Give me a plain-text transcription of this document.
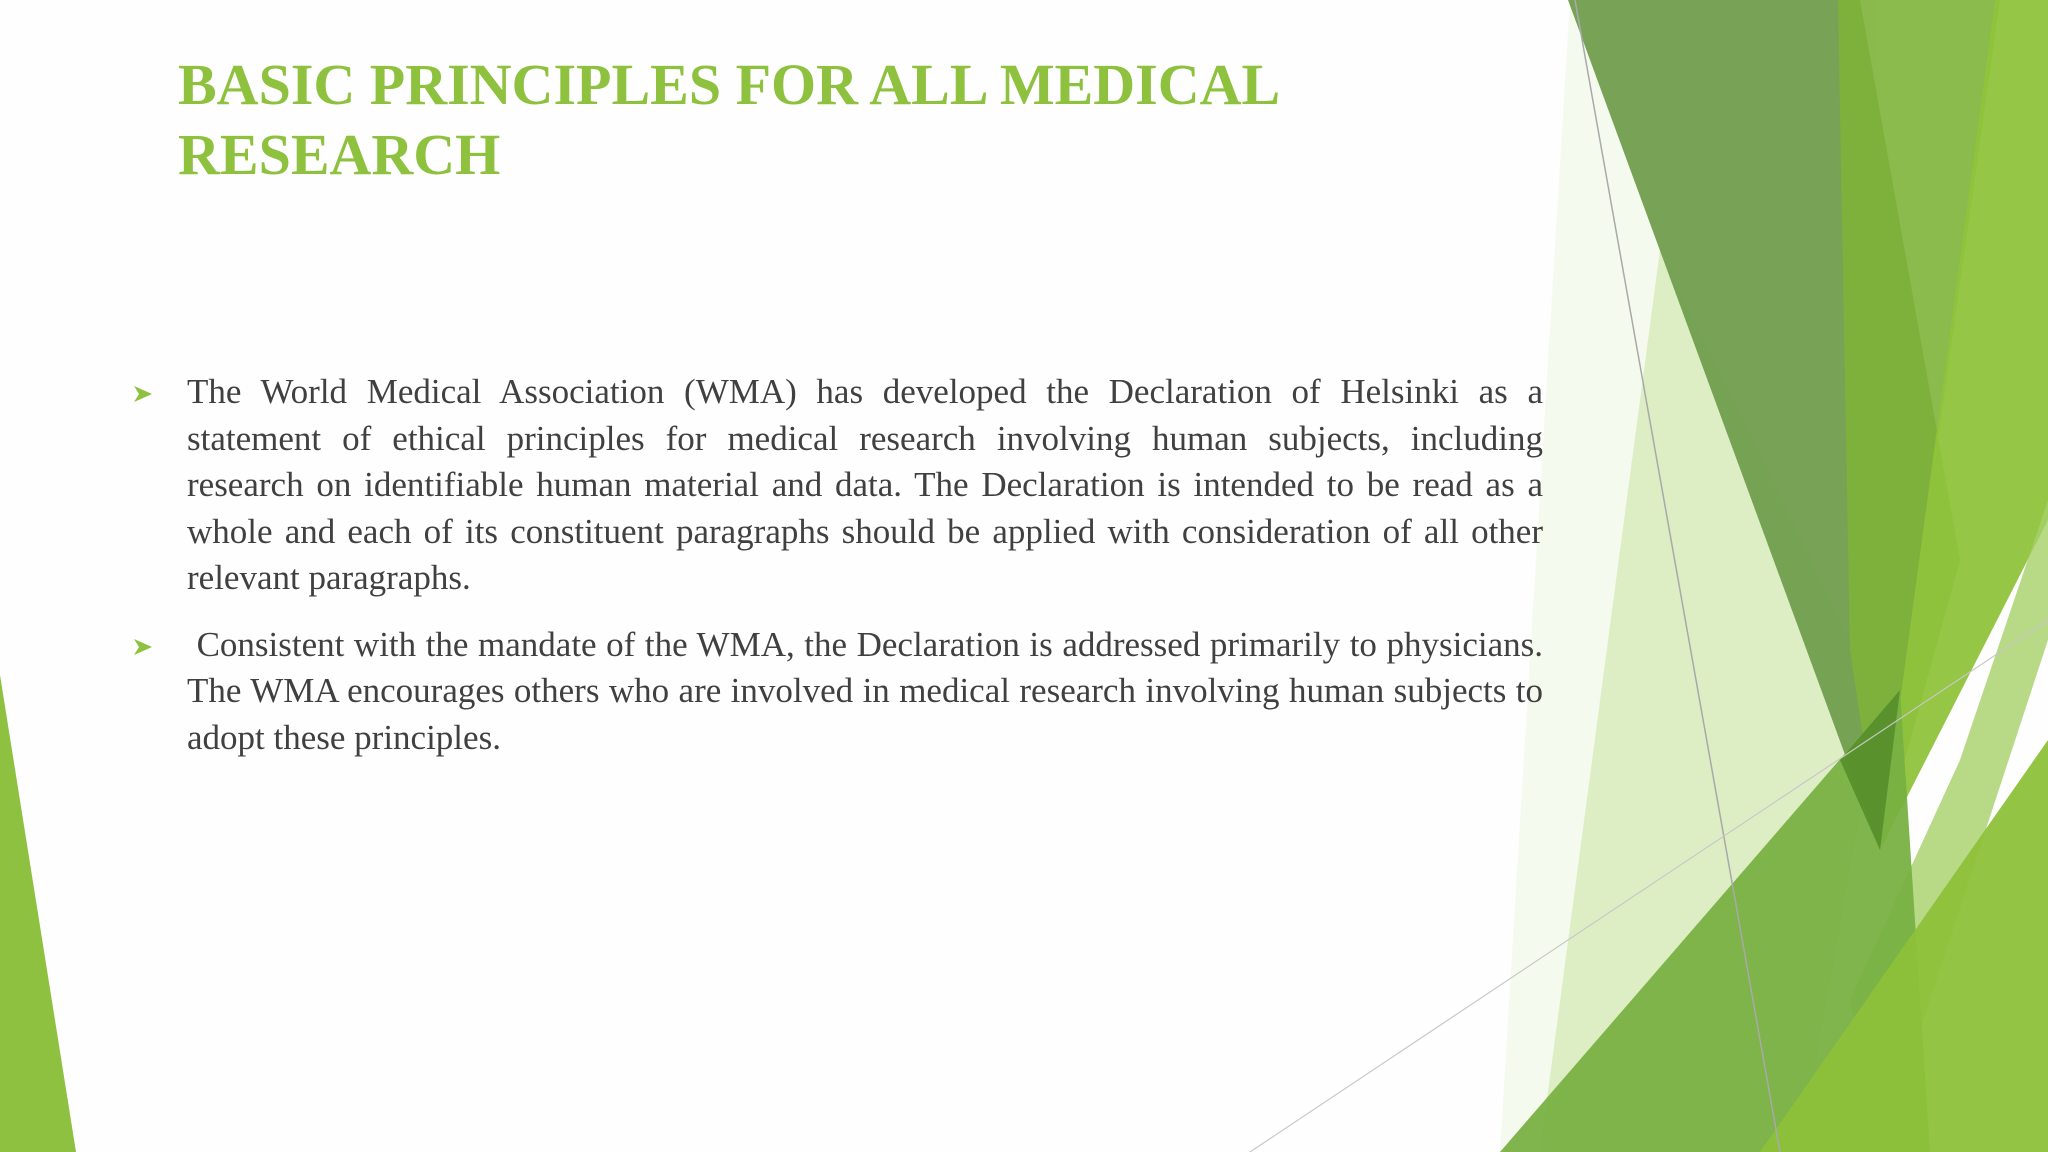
BASIC PRINCIPLES FOR ALL MEDICAL RESEARCH
The World Medical Association (WMA) has developed the Declaration of Helsinki as a statement of ethical principles for medical research involving human subjects, including research on identifiable human material and data. The Declaration is intended to be read as a whole and each of its constituent paragraphs should be applied with consideration of all other relevant paragraphs.
Consistent with the mandate of the WMA, the Declaration is addressed primarily to physicians. The WMA encourages others who are involved in medical research involving human subjects to adopt these principles.
